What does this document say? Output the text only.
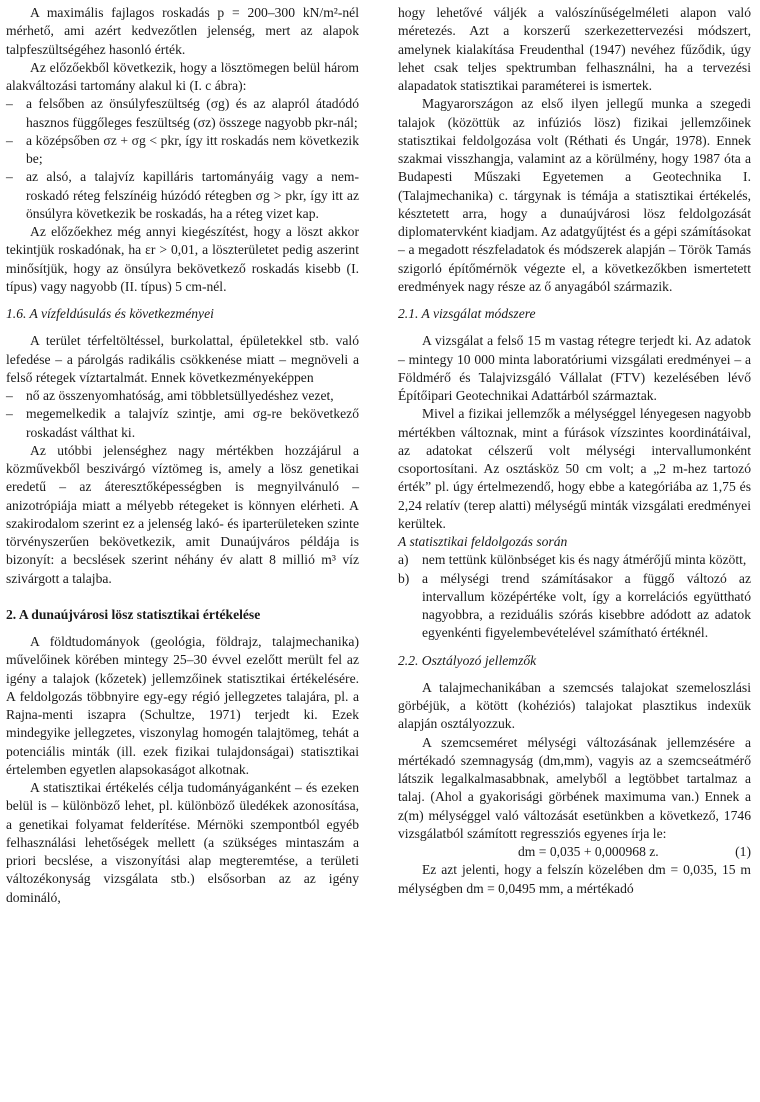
A maximális fajlagos roskadás p = 200–300 kN/m²-nél mérhető, ami azért kedvezőtlen jelenség, mert az alapok talpfeszültségéhez hasonló érték.

Az előzőekből következik, hogy a lösztömegen belül három alakváltozási tartomány alakul ki (I. c ábra):

– a felsőben az önsúlyfeszültség (σg) és az alapról átadódó hasznos függőleges feszültség (σz) összege nagyobb pkr-nál;
– a középsőben σz + σg < pkr, így itt roskadás nem következik be;
– az alsó, a talajvíz kapilláris tartományáig vagy a nem-roskadó réteg felszínéig húzódó rétegben σg > pkr, így itt az önsúlyra következik be roskadás, ha a réteg vizet kap.

Az előzőekhez még annyi kiegészítést, hogy a löszt akkor tekintjük roskadónak, ha εr > 0,01, a löszterületet pedig aszerint minősítjük, hogy az önsúlyra bekövetkező roskadás kisebb (I. típus) vagy nagyobb (II. típus) 5 cm-nél.

1.6. A vízfeldúsulás és következményei

A terület térfeltöltéssel, burkolattal, épületekkel stb. való lefedése – a párolgás radikális csökkenése miatt – megnöveli a felső rétegek víztartalmát. Ennek következményeképpen

– nő az összenyomhatóság, ami többletsüllyedéshez vezet,
– megemelkedik a talajvíz szintje, ami σg-re bekövetkező roskadást válthat ki.

Az utóbbi jelenséghez nagy mértékben hozzájárul a közművekből beszivárgó víztömeg is, amely a lösz genetikai eredetű – az áteresztőképességben is megnyilvánuló – anizotrópiája miatt a mélyebb rétegeket is könnyen elérheti. A szakirodalom szerint ez a jelenség lakó- és iparterületeken szinte törvényszerűen bekövetkezik, amit Dunaújváros példája is bizonyít: a becslések szerint néhány év alatt 8 millió m³ víz szivárgott a talajba.

2. A dunaújvárosi lösz statisztikai értékelése

A földtudományok (geológia, földrajz, talajmechanika) művelőinek körében mintegy 25–30 évvel ezelőtt merült fel az igény a talajok (kőzetek) jellemzőinek statisztikai értékelésére. A feldolgozás többnyire egy-egy régió jellegzetes talajára, pl. a Rajna-menti iszapra (Schultze, 1971) terjedt ki. Ezek mindegyike jellegzetes, viszonylag homogén talajtömeg, tehát a potenciális minták (ill. ezek fizikai tulajdonságai) statisztikai értelemben egyetlen alapsokaságot alkotnak.

A statisztikai értékelés célja tudományáganként – és ezeken belül is – különböző lehet, pl. különböző üledékek azonosítása, a genetikai folyamat felderítése. Mérnöki szempontból egyéb felhasználási lehetőségek mellett (a szükséges mintaszám a priori becslése, a viszonyítási alap megteremtése, a területi változékonyság vizsgálata stb.) elsősorban az az igény domináló,

hogy lehetővé váljék a valószínűségelméleti alapon való méretezés. Azt a korszerű szerkezettervezési módszert, amelynek kialakítása Freudenthal (1947) nevéhez fűződik, úgy lehet csak teljes spektrumban felhasználni, ha a tervezési alapadatok statisztikai paraméterei is ismertek.

Magyarországon az első ilyen jellegű munka a szegedi talajok (közöttük az infúziós lösz) fizikai jellemzőinek statisztikai feldolgozása volt (Réthati és Ungár, 1978). Ennek szakmai visszhangja, valamint az a körülmény, hogy 1987 óta a Budapesti Műszaki Egyetemen a Geotechnika I. (Talajmechanika) c. tárgynak is témája a statisztikai értékelés, késztetett arra, hogy a dunaújvárosi lösz feldolgozását diplomatervként kiadjam. Az adatgyűjtést és a gépi számításokat – a megadott részfeladatok és módszerek alapján – Török Tamás szigorló építőmérnök végezte el, a következőkben ismertetett eredmények nagy része az ő anyagából származik.

2.1. A vizsgálat módszere

A vizsgálat a felső 15 m vastag rétegre terjedt ki. Az adatok – mintegy 10 000 minta laboratóriumi vizsgálati eredményei – a Földmérő és Talajvizsgáló Vállalat (FTV) kezelésében lévő Építőipari Geotechnikai Adattárból származtak.

Mivel a fizikai jellemzők a mélységgel lényegesen nagyobb mértékben változnak, mint a fúrások vízszintes koordinátáival, az adatokat célszerű volt mélységi intervallumonként csoportosítani. Az osztásköz 50 cm volt; a „2 m-hez tartozó érték” pl. úgy értelmezendő, hogy ebbe a kategóriába az 1,75 és 2,24 relatív (terep alatti) mélységű minták vizsgálati eredményei kerültek.

A statisztikai feldolgozás során

a) nem tettünk különbséget kis és nagy átmérőjű minta között,
b) a mélységi trend számításakor a függő változó az intervallum középértéke volt, így a korrelációs együttható nagyobbra, a reziduális szórás kisebbre adódott az adatok egyenkénti figyelembevételével számítható értéknél.
2.2. Osztályozó jellemzők

A talajmechanikában a szemcsés talajokat szemeloszlási görbéjük, a kötött (kohéziós) talajokat plasztikus indexük alapján osztályozzuk.

A szemcseméret mélységi változásának jellemzésére a mértékadó szemnagyság (dm,mm), vagyis az a szemcseátmérő látszik legalkalmasabbnak, amelyből a legtöbbet tartalmaz a talaj. (Ahol a gyakorisági görbének maximuma van.) Ennek a z(m) mélységgel való változását esetünkben a következő, 1746 vizsgálatból számított regressziós egyenes írja le:

dm = 0,035 + 0,000968 z.	(1)

Ez azt jelenti, hogy a felszín közelében dm = 0,035, 15 m mélységben dm = 0,0495 mm, a mértékadó
